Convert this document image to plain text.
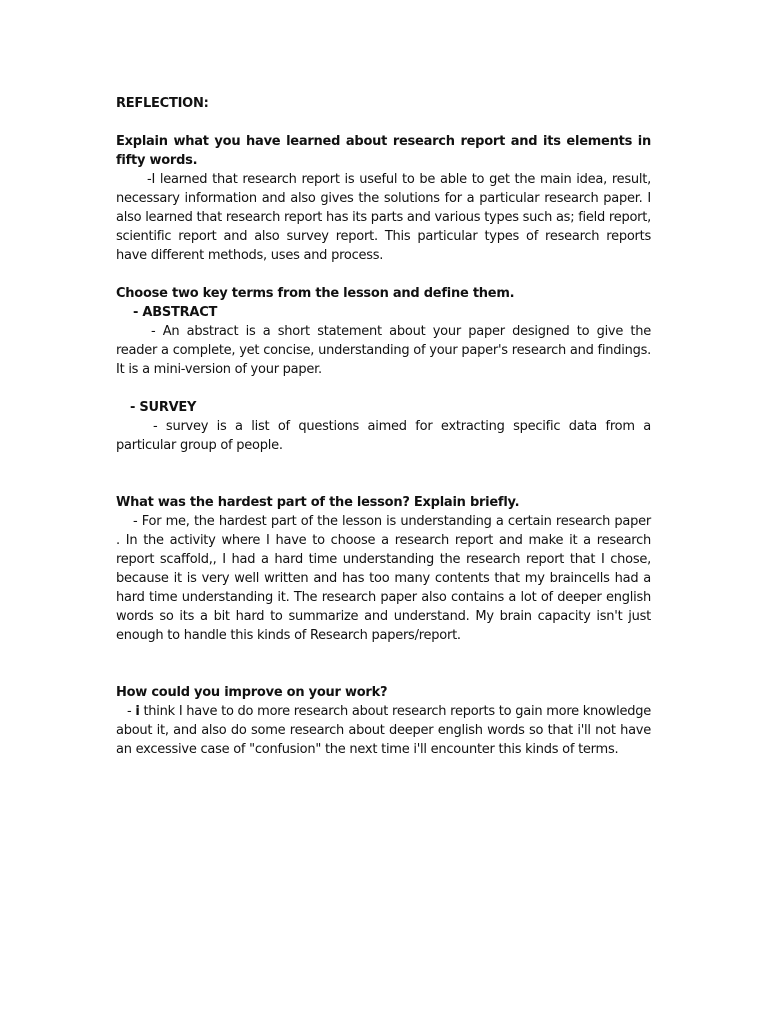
REFLECTION:

Explain what you have learned about research report and its elements in fifty words.

-I learned that research report is useful to be able to get the main idea, result, necessary information and also gives the solutions for a particular research paper. I also learned that research report has its parts and various types such as; field report, scientific report and also survey report. This particular types of research reports have different methods, uses and process.

Choose two key terms from the lesson and define them.

- ABSTRACT

- An abstract is a short statement about your paper designed to give the reader a complete, yet concise, understanding of your paper's research and findings. It is a mini-version of your paper.

- SURVEY

- survey is a list of questions aimed for extracting specific data from a particular group of people.

What was the hardest part of the lesson? Explain briefly.

- For me, the hardest part of the lesson is understanding a certain research paper . In the activity where I have to choose a research report and make it a research report scaffold,, I had a hard time understanding the research report that I chose, because it is very well written and has too many contents that my braincells had a hard time understanding it. The research paper also contains a lot of deeper english words so its a bit hard to summarize and understand. My brain capacity isn't just enough to handle this kinds of Research papers/report.

How could you improve on your work?

- i think I have to do more research about research reports to gain more knowledge about it, and also do some research about deeper english words so that i'll not have an excessive case of "confusion" the next time i'll encounter this kinds of terms.
